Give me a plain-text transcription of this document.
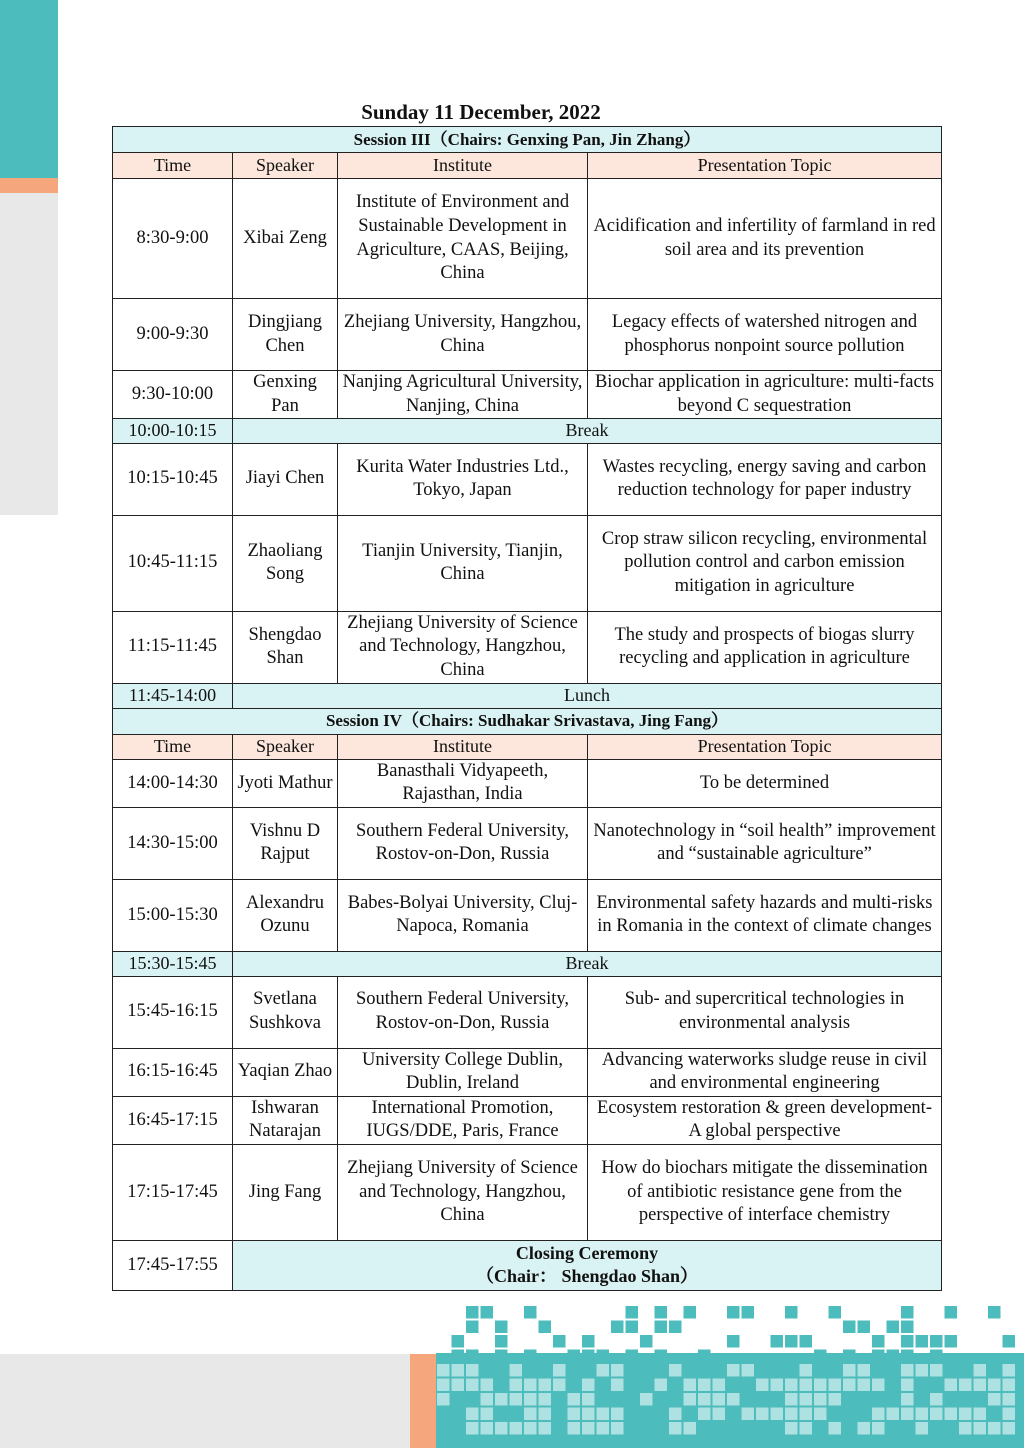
Sunday 11 December, 2022
Session III（Chairs: Genxing Pan, Jin Zhang）			
Time	Speaker	Institute	Presentation Topic
8:30-9:00	Xibai Zeng	Institute of Environment and Sustainable Development in Agriculture, CAAS, Beijing, China	Acidification and infertility of farmland in red soil area and its prevention
9:00-9:30	Dingjiang Chen	Zhejiang University, Hangzhou, China	Legacy effects of watershed nitrogen and phosphorus nonpoint source pollution
9:30-10:00	Genxing Pan	Nanjing Agricultural University, Nanjing, China	Biochar application in agriculture: multi-facts beyond C sequestration
10:00-10:15	Break		
10:15-10:45	Jiayi Chen	Kurita Water Industries Ltd., Tokyo, Japan	Wastes recycling, energy saving and carbon reduction technology for paper industry
10:45-11:15	Zhaoliang Song	Tianjin University, Tianjin, China	Crop straw silicon recycling, environmental pollution control and carbon emission mitigation in agriculture
11:15-11:45	Shengdao Shan	Zhejiang University of Science and Technology, Hangzhou, China	The study and prospects of biogas slurry recycling and application in agriculture
11:45-14:00	Lunch		
Session IV（Chairs: Sudhakar Srivastava, Jing Fang）			
Time	Speaker	Institute	Presentation Topic
14:00-14:30	Jyoti Mathur	Banasthali Vidyapeeth, Rajasthan, India	To be determined
14:30-15:00	Vishnu D Rajput	Southern Federal University, Rostov-on-Don, Russia	Nanotechnology in “soil health” improvement and “sustainable agriculture”
15:00-15:30	Alexandru Ozunu	Babes-Bolyai University, Cluj-Napoca, Romania	Environmental safety hazards and multi-risks in Romania in the context of climate changes
15:30-15:45	Break		
15:45-16:15	Svetlana Sushkova	Southern Federal University, Rostov-on-Don, Russia	Sub- and supercritical technologies in environmental analysis
16:15-16:45	Yaqian Zhao	University College Dublin, Dublin, Ireland	Advancing waterworks sludge reuse in civil and environmental engineering
16:45-17:15	Ishwaran Natarajan	International Promotion, IUGS/DDE, Paris, France	Ecosystem restoration & green development-A global perspective
17:15-17:45	Jing Fang	Zhejiang University of Science and Technology, Hangzhou, China	How do biochars mitigate the dissemination of antibiotic resistance gene from the perspective of interface chemistry
17:45-17:55	Closing Ceremony
（Chair： Shengdao Shan）		
